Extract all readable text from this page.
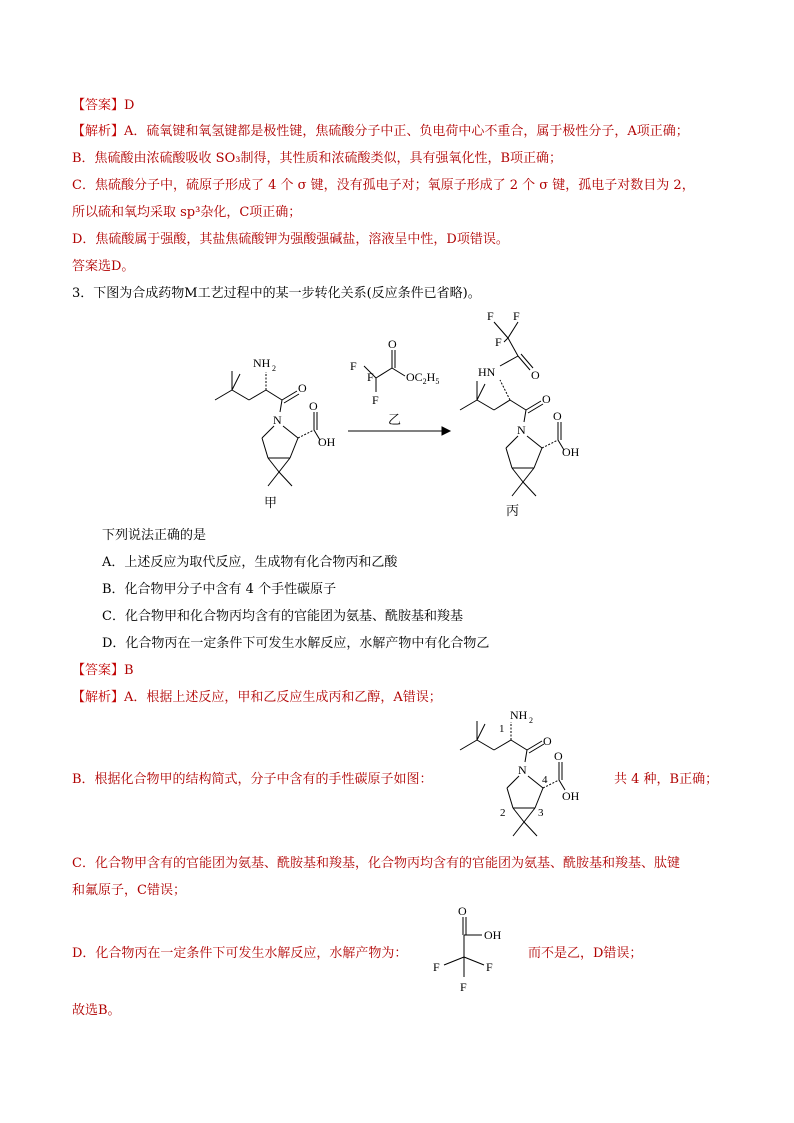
【答案】D
【解析】A．硫氧键和氧氢键都是极性键，焦硫酸分子中正、负电荷中心不重合，属于极性分子，A项正确；
B．焦硫酸由浓硫酸吸收 SO₃制得，其性质和浓硫酸类似，具有强氧化性，B项正确；
C．焦硫酸分子中，硫原子形成了 4 个 σ 键，没有孤电子对；氧原子形成了 2 个 σ 键，孤电子对数目为 2，
所以硫和氧均采取 sp³杂化，C项正确；
D．焦硫酸属于强酸，其盐焦硫酸钾为强酸强碱盐，溶液呈中性，D项错误。
答案选D。
3．下图为合成药物M工艺过程中的某一步转化关系(反应条件已省略)。
NH 2
O
N
O
OH
甲
O
F
F
F
$OC_2H_5$
乙
F F
F
O
HN
O
N
O
OH
丙
下列说法正确的是
A．上述反应为取代反应，生成物有化合物丙和乙酸
B．化合物甲分子中含有 4 个手性碳原子
C．化合物甲和化合物丙均含有的官能团为氨基、酰胺基和羧基
D．化合物丙在一定条件下可发生水解反应，水解产物中有化合物乙
【答案】B
【解析】A．根据上述反应，甲和乙反应生成丙和乙醇，A错误；
B．根据化合物甲的结构简式，分子中含有的手性碳原子如图：
1
NH 2
O
N
4
2	3
O
OH
共 4 种，B正确；
C．化合物甲含有的官能团为氨基、酰胺基和羧基，化合物丙均含有的官能团为氨基、酰胺基和羧基、肽键
和氟原子，C错误；
D．化合物丙在一定条件下可发生水解反应，水解产物为：
O
OH
F	F
F
而不是乙，D错误；
故选B。
